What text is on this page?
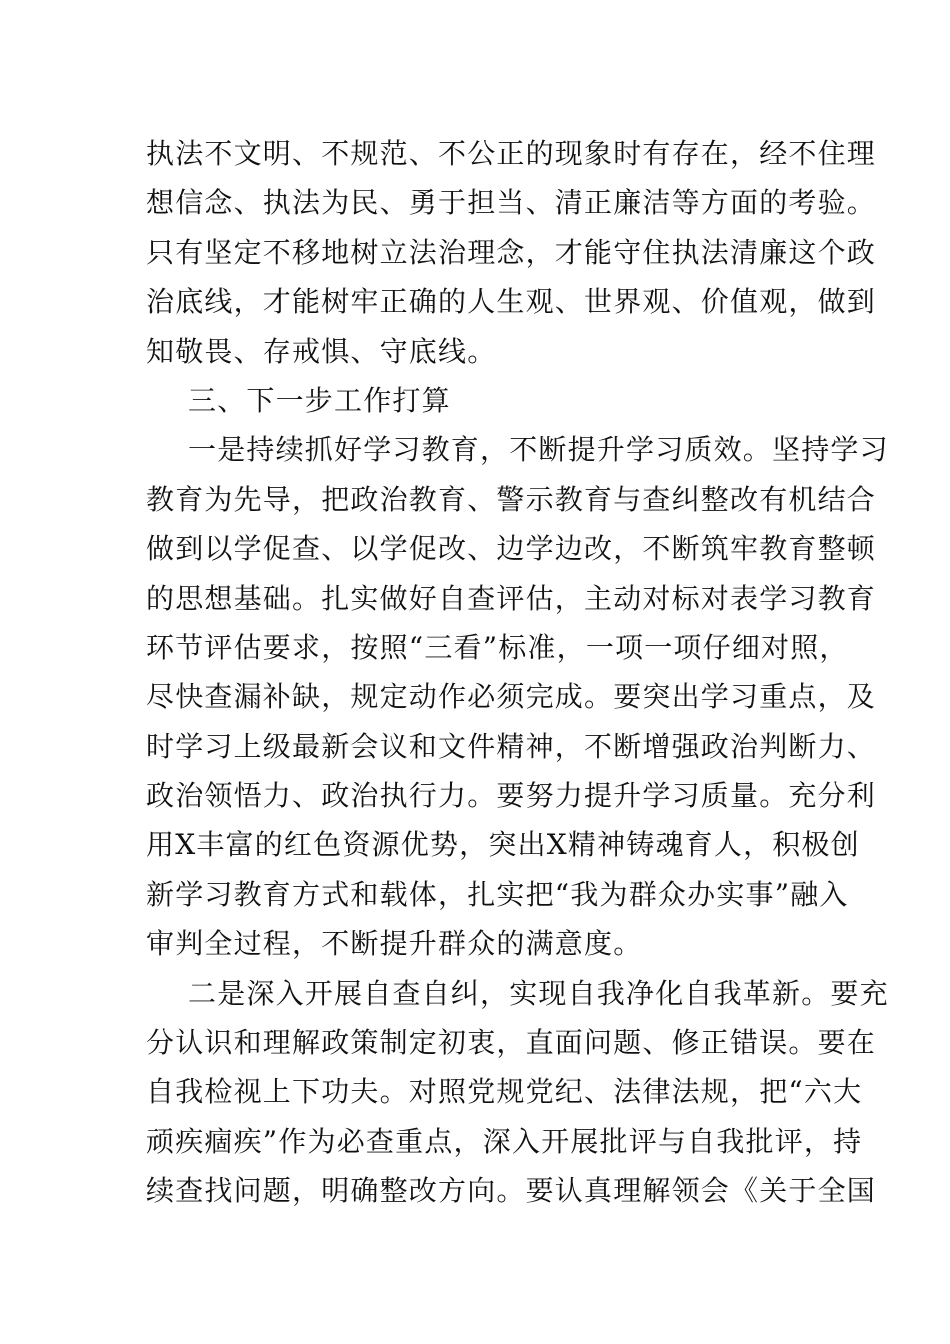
执法不文明、不规范、不公正的现象时有存在，经不住理
想信念、执法为民、勇于担当、清正廉洁等方面的考验。
只有坚定不移地树立法治理念，才能守住执法清廉这个政
治底线，才能树牢正确的人生观、世界观、价值观，做到
知敬畏、存戒惧、守底线。
三、下一步工作打算
一是持续抓好学习教育，不断提升学习质效。坚持学习
教育为先导，把政治教育、警示教育与查纠整改有机结合
做到以学促查、以学促改、边学边改，不断筑牢教育整顿
的思想基础。扎实做好自查评估，主动对标对表学习教育
环节评估要求，按照“三看”标准，一项一项仔细对照，
尽快查漏补缺，规定动作必须完成。要突出学习重点，及
时学习上级最新会议和文件精神，不断增强政治判断力、
政治领悟力、政治执行力。要努力提升学习质量。充分利
用X丰富的红色资源优势，突出X精神铸魂育人，积极创
新学习教育方式和载体，扎实把“我为群众办实事”融入
审判全过程，不断提升群众的满意度。
二是深入开展自查自纠，实现自我净化自我革新。要充
分认识和理解政策制定初衷，直面问题、修正错误。要在
自我检视上下功夫。对照党规党纪、法律法规，把“六大
顽疾痼疾”作为必查重点，深入开展批评与自我批评，持
续查找问题，明确整改方向。要认真理解领会《关于全国
